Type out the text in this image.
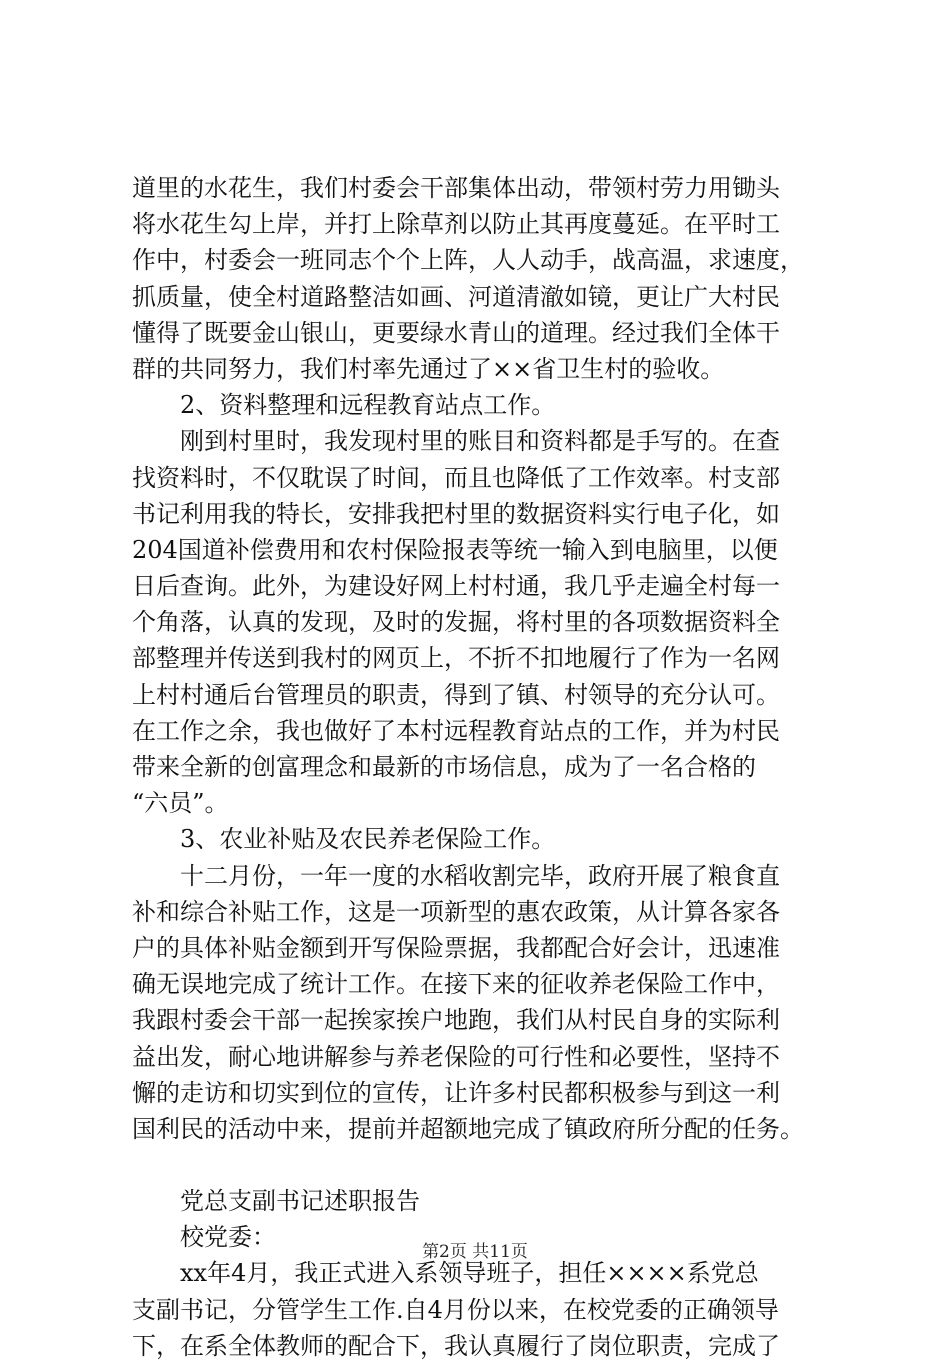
道里的水花生，我们村委会干部集体出动，带领村劳力用锄头
将水花生勾上岸，并打上除草剂以防止其再度蔓延。在平时工
作中，村委会一班同志个个上阵，人人动手，战高温，求速度，
抓质量，使全村道路整洁如画、河道清澈如镜，更让广大村民
懂得了既要金山银山，更要绿水青山的道理。经过我们全体干
群的共同努力，我们村率先通过了××省卫生村的验收。
2、资料整理和远程教育站点工作。
刚到村里时，我发现村里的账目和资料都是手写的。在查
找资料时，不仅耽误了时间，而且也降低了工作效率。村支部
书记利用我的特长，安排我把村里的数据资料实行电子化，如
204国道补偿费用和农村保险报表等统一输入到电脑里，以便
日后查询。此外，为建设好网上村村通，我几乎走遍全村每一
个角落，认真的发现，及时的发掘，将村里的各项数据资料全
部整理并传送到我村的网页上，不折不扣地履行了作为一名网
上村村通后台管理员的职责，得到了镇、村领导的充分认可。
在工作之余，我也做好了本村远程教育站点的工作，并为村民
带来全新的创富理念和最新的市场信息，成为了一名合格的
“六员”。
3、农业补贴及农民养老保险工作。
十二月份，一年一度的水稻收割完毕，政府开展了粮食直
补和综合补贴工作，这是一项新型的惠农政策，从计算各家各
户的具体补贴金额到开写保险票据，我都配合好会计，迅速准
确无误地完成了统计工作。在接下来的征收养老保险工作中，
我跟村委会干部一起挨家挨户地跑，我们从村民自身的实际利
益出发，耐心地讲解参与养老保险的可行性和必要性，坚持不
懈的走访和切实到位的宣传，让许多村民都积极参与到这一利
国利民的活动中来，提前并超额地完成了镇政府所分配的任务。
党总支副书记述职报告
校党委：
xx年4月，我正式进入系领导班子，担任××××系党总
支副书记，分管学生工作.自4月份以来，在校党委的正确领导
下，在系全体教师的配合下，我认真履行了岗位职责，完成了
第2页 共11页
